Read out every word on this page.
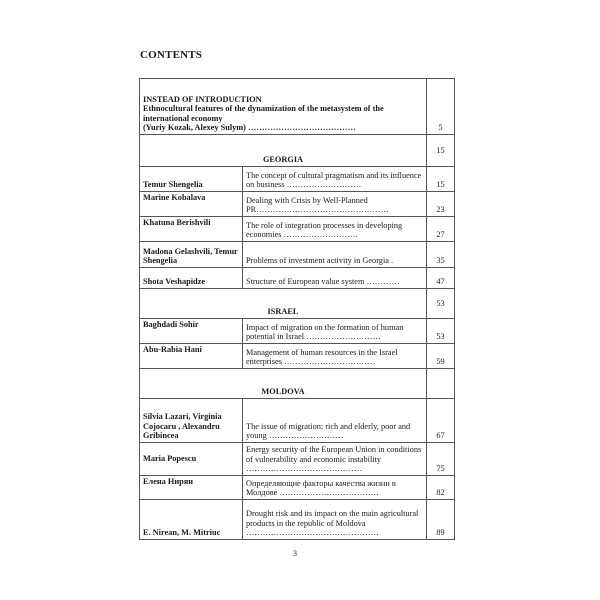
CONTENTS
INSTEAD OF INTRODUCTION
Ethnocultural features of the dynamization of the metasystem of the international economy
(Yuriy Kozak, Alexey Sulym) …………………………………		5
GEORGIA		15
Temur Shengelia	The concept of cultural pragmatism and its influence on business ………………………	15
Marine Kobalava	Dealing with Crisis by Well-Planned PR…………………………………………	23
Khatuna Berishvili	The role of integration processes in developing economies ………………………	27
Madona Gelashvili, Temur Shengelia	Problems of investment activity in Georgia .	35
Shota Veshapidze	Structure of European value system …………	47
ISRAEL		53
Baghdadi Sohir	Impact of migration on the formation of human potential in Israel ………………………	53
Abu-Rabia Hani	Management of human resources in the Israel enterprises ……………………………	59
MOLDOVA		
Silvia Lazari, Virginia Cojocaru , Alexandru Gribincea	The issue of migration: rich and elderly, poor and young ………………………	67
Maria Popescu	Energy security of the European Union in conditions of vulnerability and economic instability ……………………………………	75
Елена Нирян	Определяющие факторы качества жизни в Молдове ………………………………	82
E. Nirean, M. Mitriuc	Drought risk and its impact on the main agricultural products in the republic of Moldova …………………………………………	89
3
